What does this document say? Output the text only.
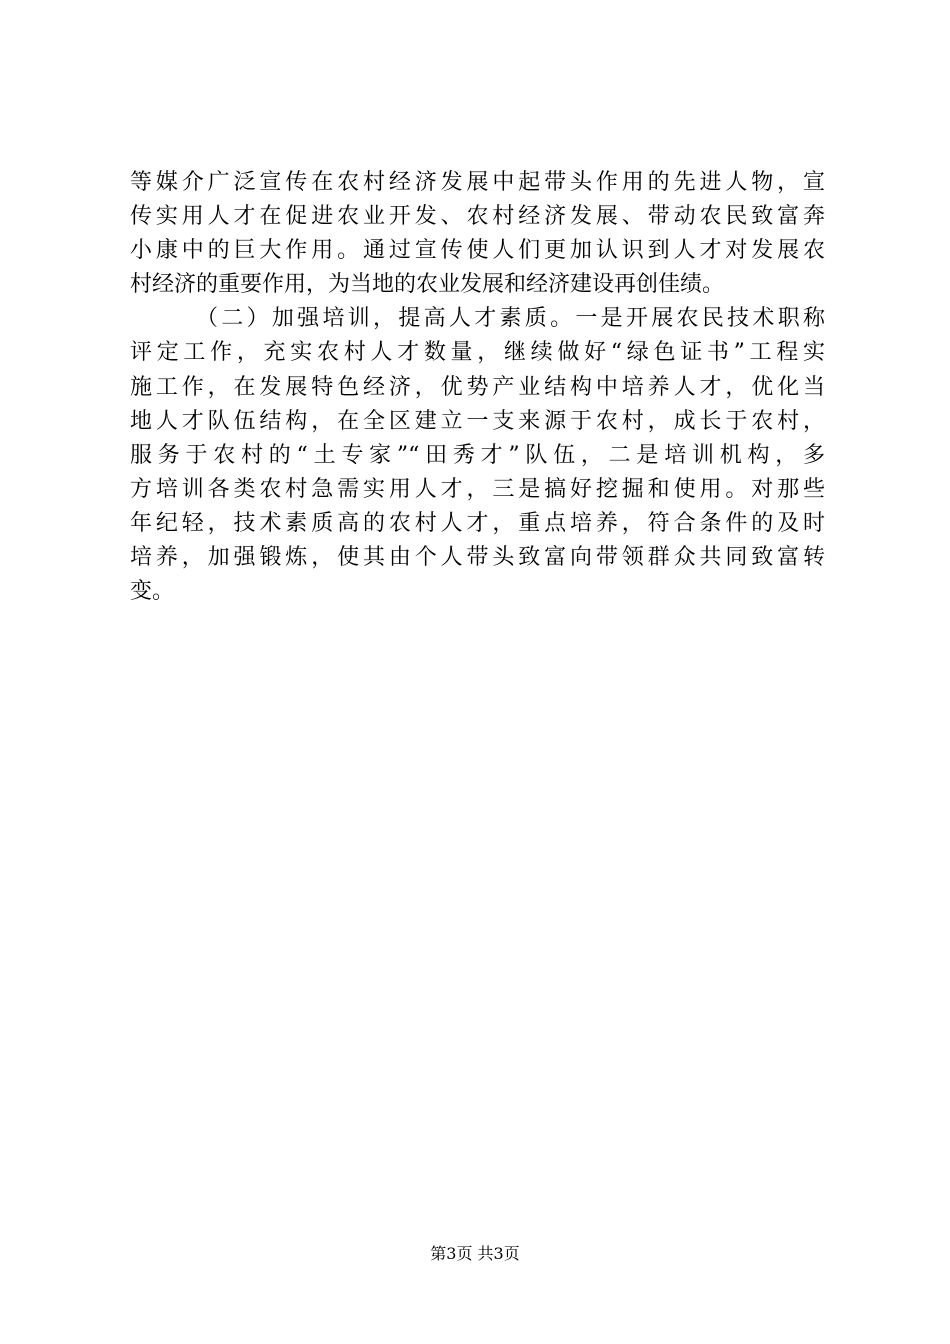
等媒介广泛宣传在农村经济发展中起带头作用的先进人物，宣
传实用人才在促进农业开发、农村经济发展、带动农民致富奔
小康中的巨大作用。通过宣传使人们更加认识到人才对发展农
村经济的重要作用，为当地的农业发展和经济建设再创佳绩。
（二）加强培训，提高人才素质。一是开展农民技术职称
评定工作，充实农村人才数量，继续做好“绿色证书”工程实
施工作，在发展特色经济，优势产业结构中培养人才，优化当
地人才队伍结构，在全区建立一支来源于农村，成长于农村，
服务于农村的“土专家”“田秀才”队伍，二是培训机构，多
方培训各类农村急需实用人才，三是搞好挖掘和使用。对那些
年纪轻，技术素质高的农村人才，重点培养，符合条件的及时
培养，加强锻炼，使其由个人带头致富向带领群众共同致富转
变。
第3页 共3页
